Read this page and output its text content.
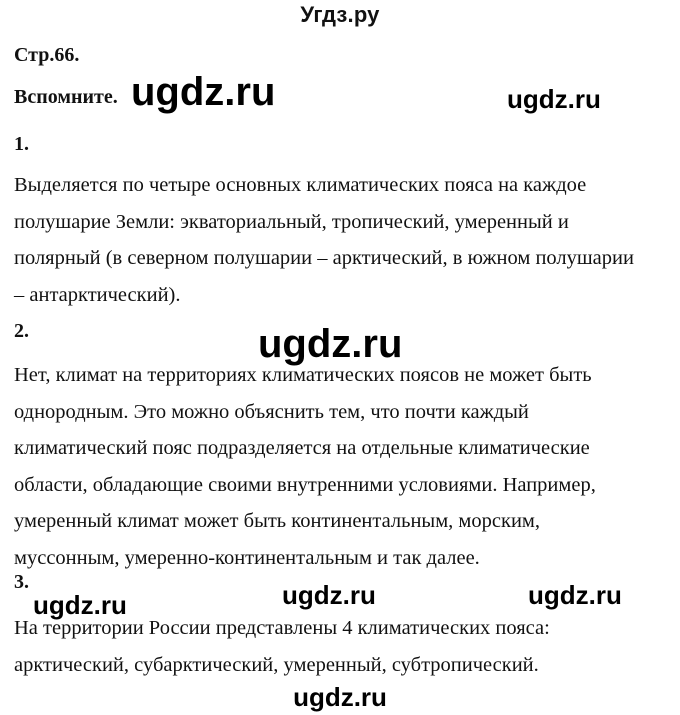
Угдз.ру
Стр.66.
Вспомните. ugdz.ru	ugdz.ru
1.
Выделяется по четыре основных климатических пояса на каждое
полушарие Земли: экваториальный, тропический, умеренный и
полярный (в северном полушарии – арктический, в южном полушарии
– антарктический).
2.	ugdz.ru
Нет, климат на территориях климатических поясов не может быть
однородным. Это можно объяснить тем, что почти каждый
климатический пояс подразделяется на отдельные климатические
области, обладающие своими внутренними условиями. Например,
умеренный климат может быть континентальным, морским,
муссонным, умеренно-континентальным и так далее.
3.
ugdz.ru	ugdz.ru	ugdz.ru
На территории России представлены 4 климатических пояса:
арктический, субарктический, умеренный, субтропический.
ugdz.ru
